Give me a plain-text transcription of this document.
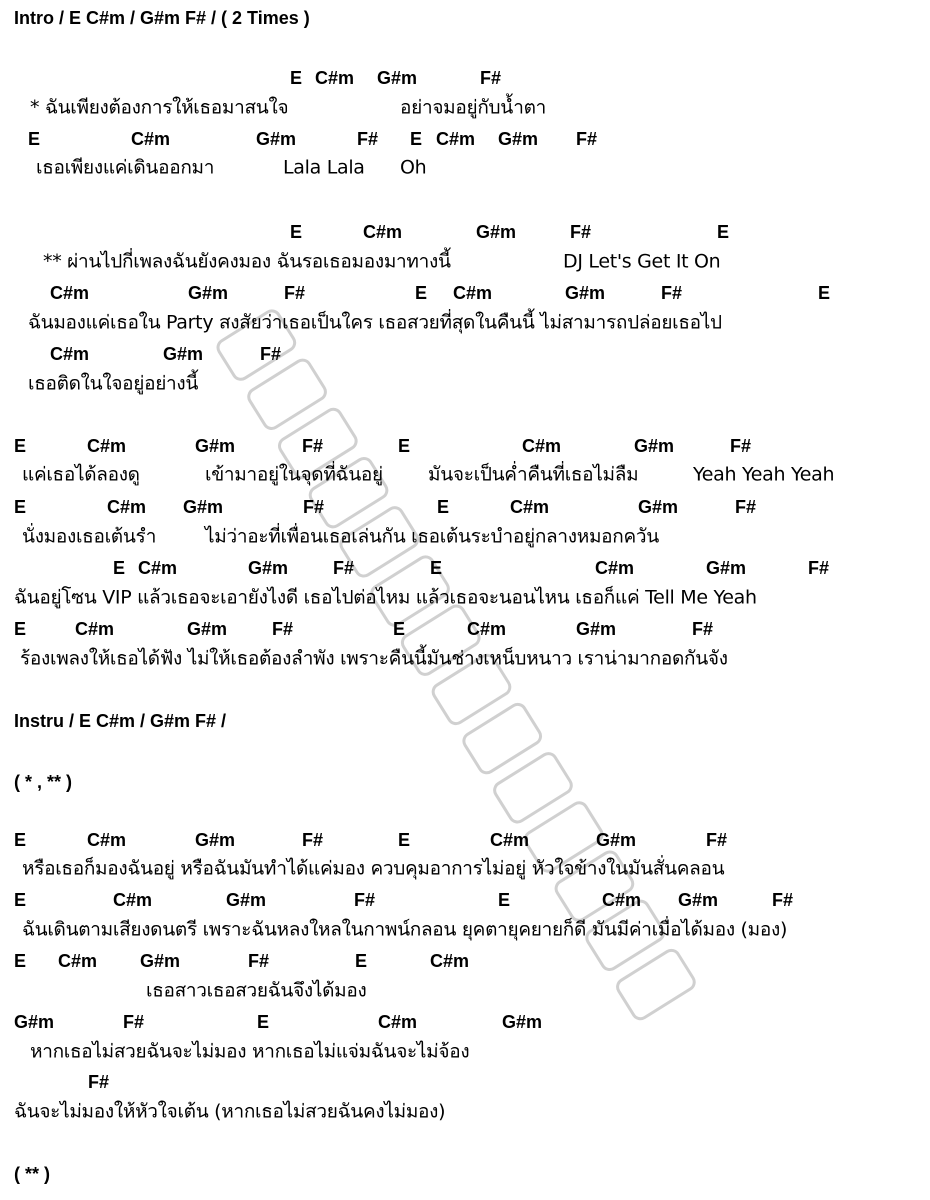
Intro / E C#m / G#m F# / ( 2 Times )
E C#m G#m	F#
* ฉันเพียงต้องการให้เธอมาสนใจ	อย่าจมอยู่กับน้ำตา
E	C#m	G#m	F# E C#m G#m F#
เธอเพียงแค่เดินออกมา	Lala Lala Oh
E	C#m	G#m	F#	E
** ผ่านไปกี่เพลงฉันยังคงมอง ฉันรอเธอมองมาทางนี้	DJ Let's Get It On
C#m	G#m	F#	E C#m	G#m	F#	E
ฉันมองแค่เธอใน Party สงสัยว่าเธอเป็นใคร เธอสวยที่สุดในคืนนี้ ไม่สามารถปล่อยเธอไป
C#m	G#m	F#
เธอติดในใจอยู่อย่างนี้
E	C#m	G#m	F#	E	C#m	G#m	F#
แค่เธอได้ลองดู	เข้ามาอยู่ในจุดที่ฉันอยู่ มันจะเป็นค่ำคืนที่เธอไม่ลืม	Yeah Yeah Yeah
E	C#m G#m	F#	E	C#m	G#m	F#
นั่งมองเธอเต้นรำ	ไม่ว่าอะที่เพื่อนเธอเล่นกัน เธอเต้นระบำอยู่กลางหมอกควัน
E C#m	G#m F#	E	C#m	G#m	F#
ฉันอยู่โซน VIP แล้วเธอจะเอายังไงดี เธอไปต่อไหม แล้วเธอจะนอนไหน เธอก็แค่ Tell Me Yeah
E	C#m	G#m F#	E	C#m	G#m	F#
ร้องเพลงให้เธอได้ฟัง ไม่ให้เธอต้องลำพัง เพราะคืนนี้มันช่างเหน็บหนาว เราน่ามากอดกันจัง
Instru / E C#m / G#m F# /
( * , ** )
E	C#m	G#m	F#	E	C#m	G#m	F#
หรือเธอก็มองฉันอยู่ หรือฉันมันทำได้แค่มอง ควบคุมอาการไม่อยู่ หัวใจข้างในมันสั่นคลอน
E	C#m	G#m	F#	E	C#m G#m	F#
ฉันเดินตามเสียงดนตรี เพราะฉันหลงใหลในกาพน์กลอน ยุคตายุคยายก็ดี มันมีค่าเมื่อได้มอง (มอง)
E C#m G#m	F#	E	C#m
เธอสาวเธอสวยฉันจึงได้มอง
G#m	F#	E	C#m	G#m
หากเธอไม่สวยฉันจะไม่มอง หากเธอไม่แจ่มฉันจะไม่จ้อง
F#
ฉันจะไม่มองให้หัวใจเต้น (หากเธอไม่สวยฉันคงไม่มอง)
( ** )
